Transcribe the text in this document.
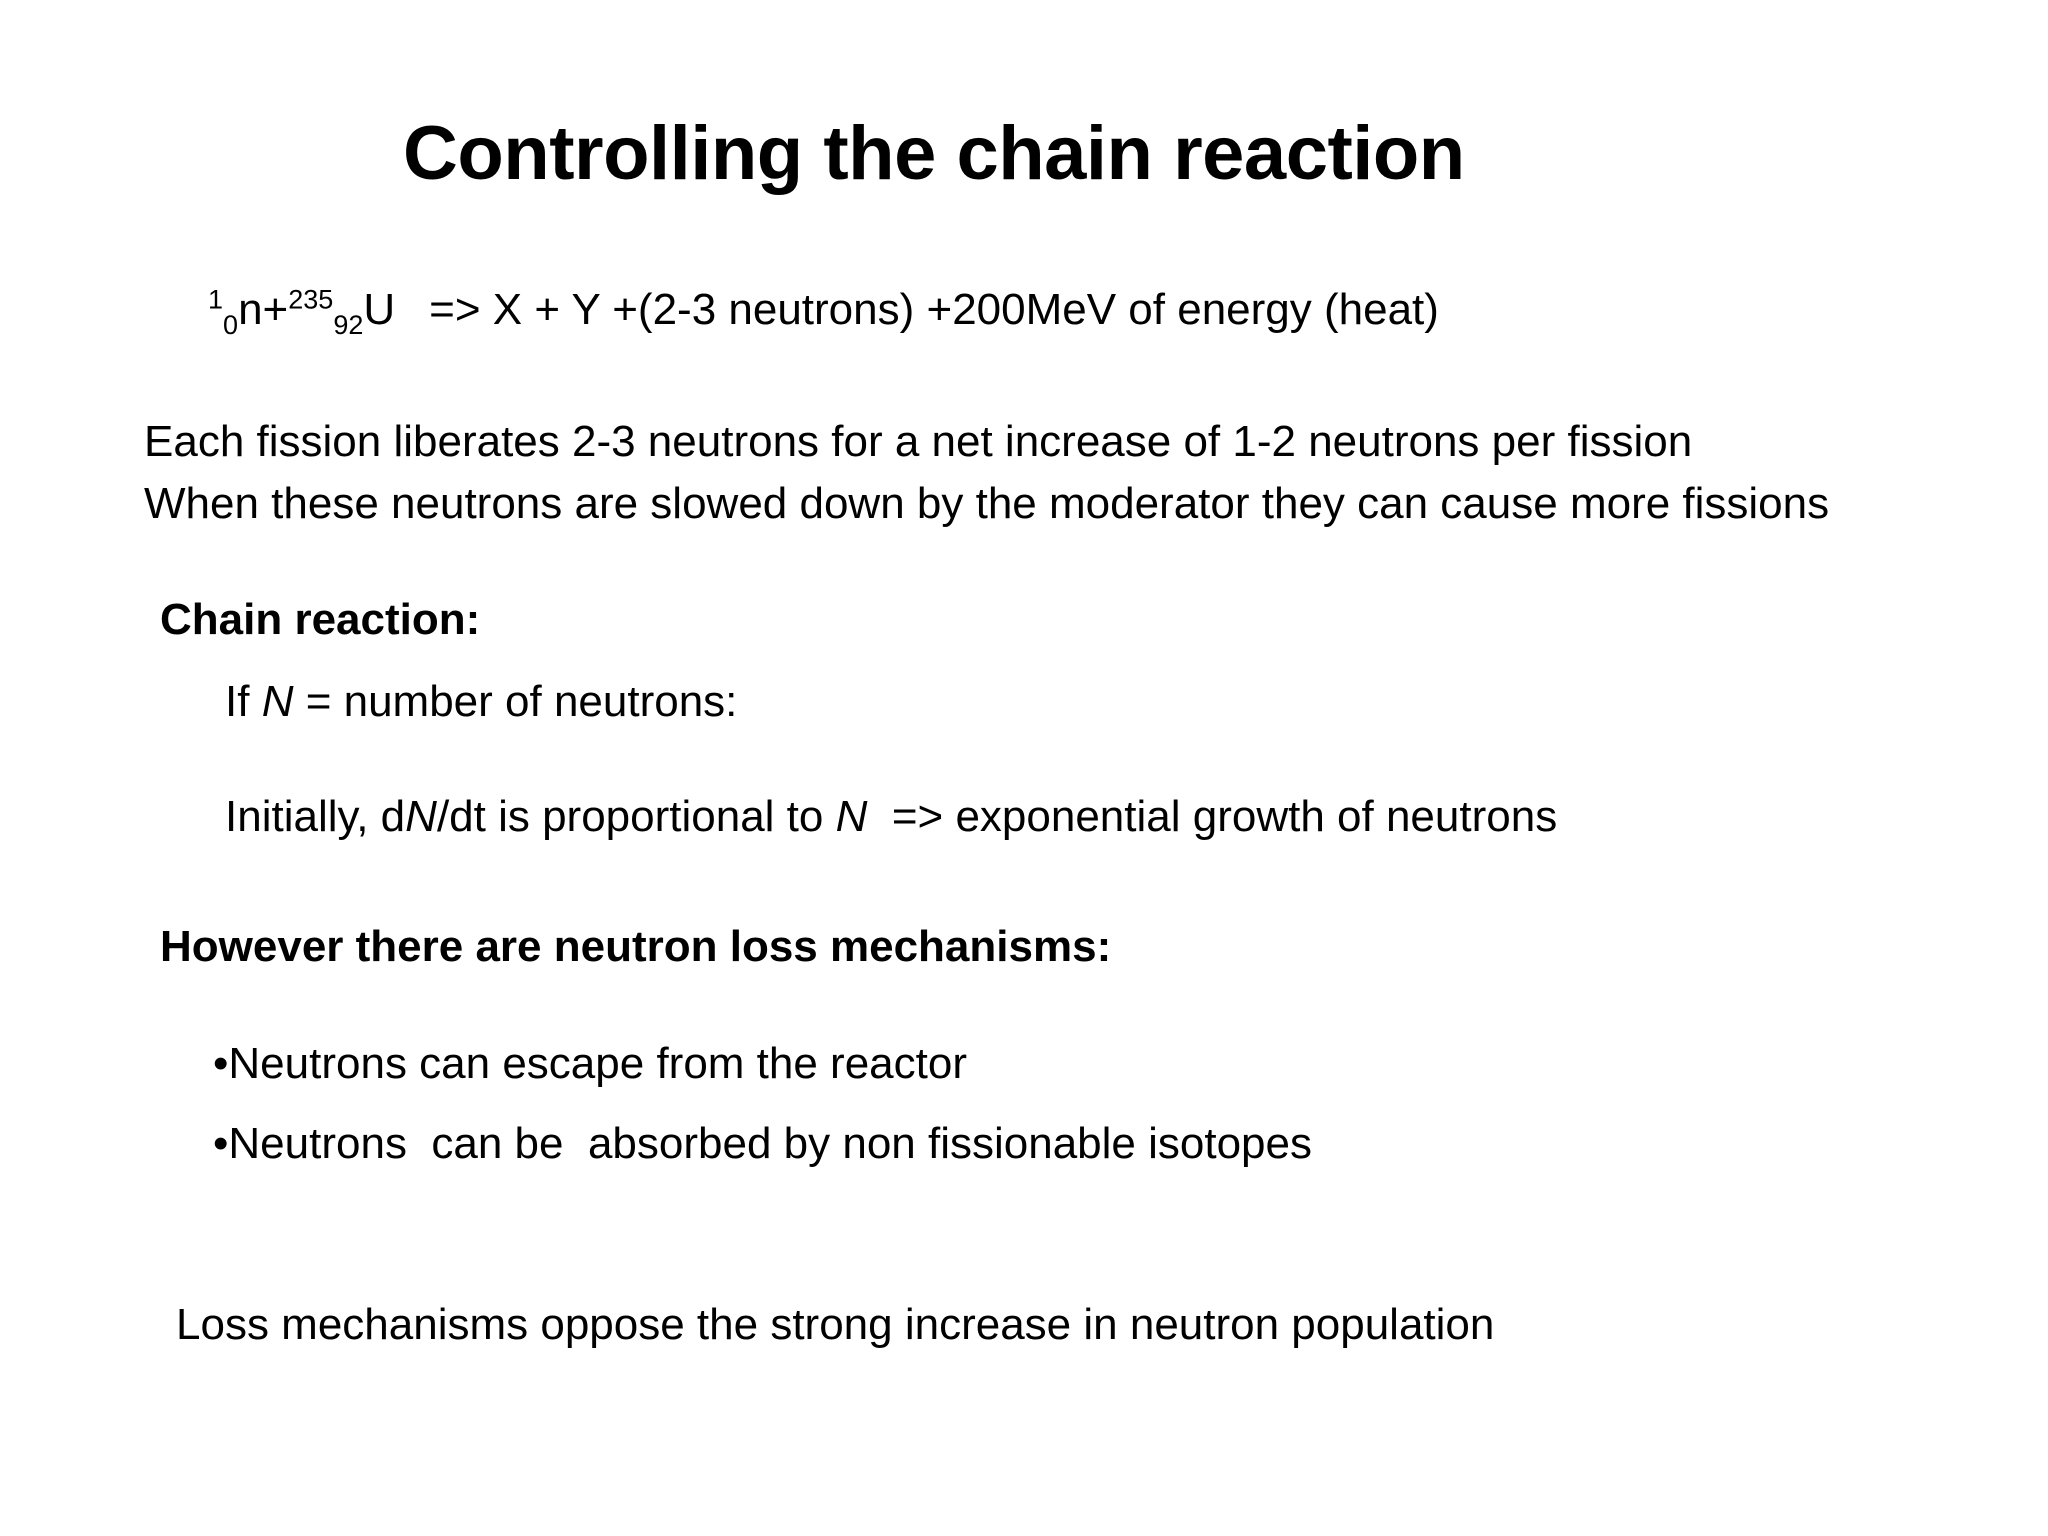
Controlling the chain reaction
$^1_0$n+$^{235}_{92}$U => X + Y +(2-3 neutrons) +200MeV of energy (heat)
Each fission liberates 2-3 neutrons for a net increase of 1-2 neutrons per fission
When these neutrons are slowed down by the moderator they can cause more fissions
Chain reaction:
If N = number of neutrons:
Initially, dN/dt is proportional to N  => exponential growth of neutrons
However there are neutron loss mechanisms:
•Neutrons can escape from the reactor
•Neutrons  can be  absorbed by non fissionable isotopes
Loss mechanisms oppose the strong increase in neutron population
